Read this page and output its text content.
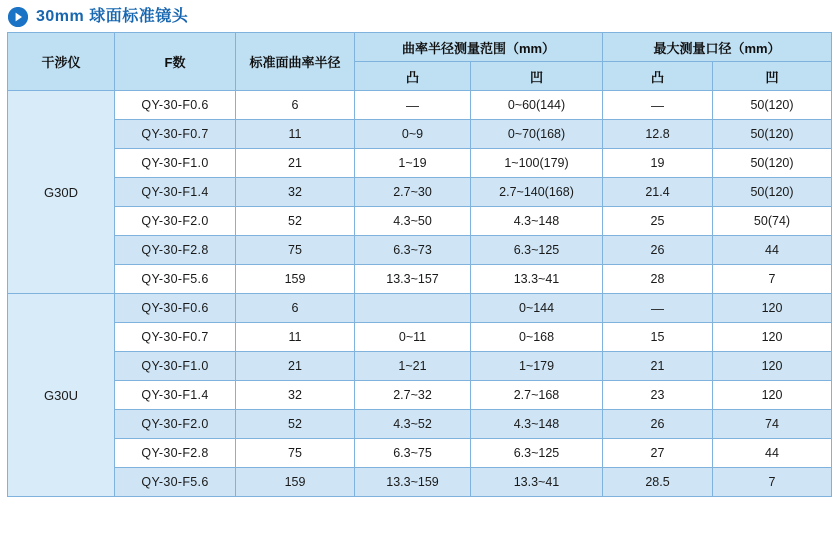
30mm 球面标准镜头
干涉仪	F数	标准面曲率半径	曲率半径测量范围（mm）		最大测量口径（mm）	
			凸	凹	凸	凹
G30D	QY-30-F0.6	6	—	0~60(144)	—	50(120)
	QY-30-F0.7	11	0~9	0~70(168)	12.8	50(120)
	QY-30-F1.0	21	1~19	1~100(179)	19	50(120)
	QY-30-F1.4	32	2.7~30	2.7~140(168)	21.4	50(120)
	QY-30-F2.0	52	4.3~50	4.3~148	25	50(74)
	QY-30-F2.8	75	6.3~73	6.3~125	26	44
	QY-30-F5.6	159	13.3~157	13.3~41	28	7
G30U	QY-30-F0.6	6		0~144	—	120
	QY-30-F0.7	11	0~11	0~168	15	120
	QY-30-F1.0	21	1~21	1~179	21	120
	QY-30-F1.4	32	2.7~32	2.7~168	23	120
	QY-30-F2.0	52	4.3~52	4.3~148	26	74
	QY-30-F2.8	75	6.3~75	6.3~125	27	44
	QY-30-F5.6	159	13.3~159	13.3~41	28.5	7
